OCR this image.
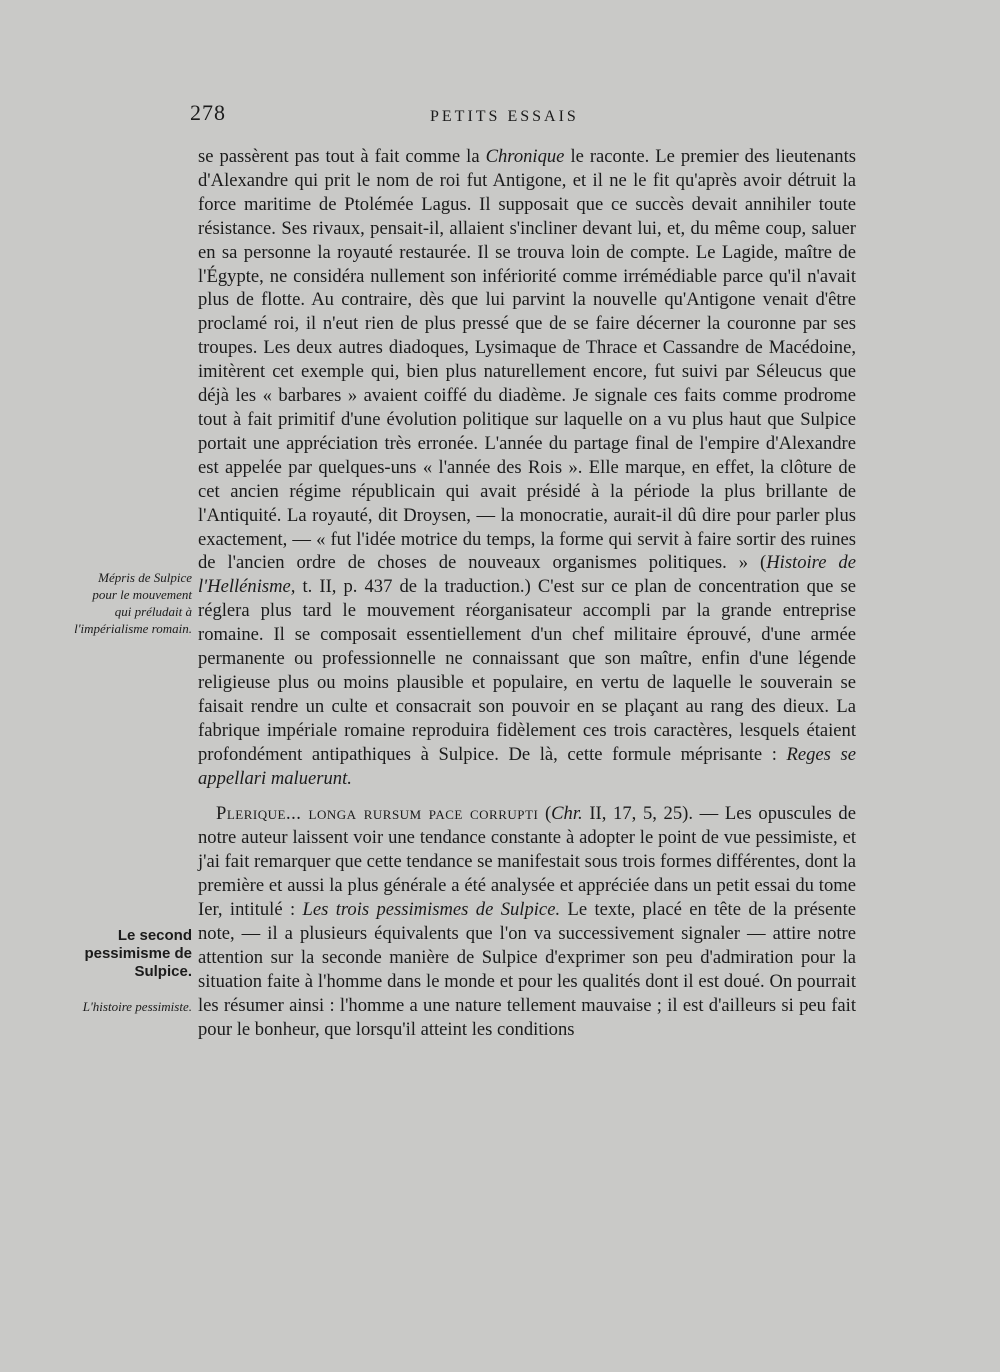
278	PETITS ESSAIS
Mépris de Sulpice pour le mouvement qui préludait à l'impérialisme romain.
Le second pessimisme de Sulpice.
L'histoire pessimiste.

se passèrent pas tout à fait comme la Chronique le raconte. Le premier des lieutenants d'Alexandre qui prit le nom de roi fut Antigone, et il ne le fit qu'après avoir détruit la force maritime de Ptolémée Lagus. Il supposait que ce succès devait annihiler toute résistance. Ses rivaux, pensait-il, allaient s'incliner devant lui, et, du même coup, saluer en sa personne la royauté restaurée. Il se trouva loin de compte. Le Lagide, maître de l'Égypte, ne considéra nullement son infériorité comme irrémédiable parce qu'il n'avait plus de flotte. Au contraire, dès que lui parvint la nouvelle qu'Antigone venait d'être proclamé roi, il n'eut rien de plus pressé que de se faire décerner la couronne par ses troupes. Les deux autres diadoques, Lysimaque de Thrace et Cassandre de Macédoine, imitèrent cet exemple qui, bien plus naturellement encore, fut suivi par Séleucus que déjà les « barbares » avaient coiffé du diadème. Je signale ces faits comme prodrome tout à fait primitif d'une évolution politique sur laquelle on a vu plus haut que Sulpice portait une appréciation très erronée. L'année du partage final de l'empire d'Alexandre est appelée par quelques-uns « l'année des Rois ». Elle marque, en effet, la clôture de cet ancien régime républicain qui avait présidé à la période la plus brillante de l'Antiquité. La royauté, dit Droysen, — la monocratie, aurait-il dû dire pour parler plus exactement, — « fut l'idée motrice du temps, la forme qui servit à faire sortir des ruines de l'ancien ordre de choses de nouveaux organismes politiques. » (Histoire de l'Hellénisme, t. II, p. 437 de la traduction.) C'est sur ce plan de concentration que se réglera plus tard le mouvement réorganisateur accompli par la grande entreprise romaine. Il se composait essentiellement d'un chef militaire éprouvé, d'une armée permanente ou professionnelle ne connaissant que son maître, enfin d'une légende religieuse plus ou moins plausible et populaire, en vertu de laquelle le souverain se faisait rendre un culte et consacrait son pouvoir en se plaçant au rang des dieux. La fabrique impériale romaine reproduira fidèlement ces trois caractères, lesquels étaient profondément antipathiques à Sulpice. De là, cette formule méprisante : Reges se appellari maluerunt.

Plerique... longa rursum pace corrupti (Chr. II, 17, 5, 25). — Les opuscules de notre auteur laissent voir une tendance constante à adopter le point de vue pessimiste, et j'ai fait remarquer que cette tendance se manifestait sous trois formes différentes, dont la première et aussi la plus générale a été analysée et appréciée dans un petit essai du tome Ier, intitulé : Les trois pessimismes de Sulpice. Le texte, placé en tête de la présente note, — il a plusieurs équivalents que l'on va successivement signaler — attire notre attention sur la seconde manière de Sulpice d'exprimer son peu d'admiration pour la situation faite à l'homme dans le monde et pour les qualités dont il est doué. On pourrait les résumer ainsi : l'homme a une nature tellement mauvaise ; il est d'ailleurs si peu fait pour le bonheur, que lorsqu'il atteint les conditions
